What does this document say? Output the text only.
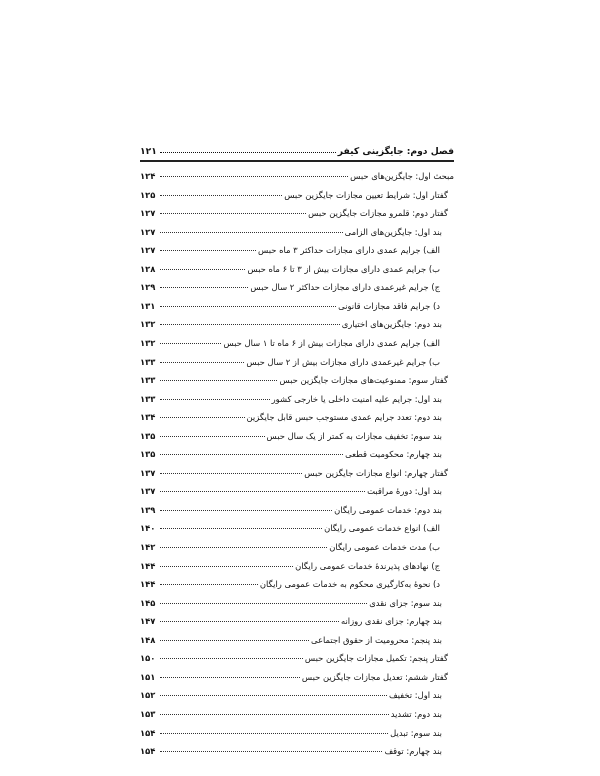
فصل دوم: جایگزینی کیفر
۱۲۱
مبحث اول: جایگزین‌های حبس
۱۲۴
گفتار اول: شرایط تعیین مجازات جایگزین حبس
۱۲۵
گفتار دوم: قلمرو مجازات جایگزین حبس
۱۲۷
بند اول: جایگزین‌های الزامی
۱۲۷
الف) جرایم عمدی دارای مجازات حداکثر ۳ ماه حبس
۱۲۷
ب) جرایم عمدی دارای مجازات بیش از ۳ تا ۶ ماه حبس
۱۲۸
ج) جرایم غیرعمدی دارای مجازات حداکثر ۲ سال حبس
۱۲۹
د) جرایم فاقد مجازات قانونی
۱۳۱
بند دوم: جایگزین‌های اختیاری
۱۳۲
الف) جرایم عمدی دارای مجازات بیش از ۶ ماه تا ۱ سال حبس
۱۳۲
ب) جرایم غیرعمدی دارای مجازات بیش از ۲ سال حبس
۱۳۳
گفتار سوم: ممنوعیت‌های مجازات جایگزین حبس
۱۳۳
بند اول: جرایم علیه امنیت داخلی یا خارجی کشور
۱۳۳
بند دوم: تعدد جرایم عمدی مستوجب حبس قابل جایگزین
۱۳۴
بند سوم: تخفیف مجازات به کمتر از یک سال حبس
۱۳۵
بند چهارم: محکومیت قطعی
۱۳۵
گفتار چهارم: انواع مجازات جایگزین حبس
۱۳۷
بند اول: دورهٔ مراقبت
۱۳۷
بند دوم: خدمات عمومی رایگان
۱۳۹
الف) انواع خدمات عمومی رایگان
۱۴۰
ب) مدت خدمات عمومی رایگان
۱۴۲
ج) نهادهای پذیرندهٔ خدمات عمومی رایگان
۱۴۴
د) نحوهٔ به‌کارگیری محکوم به خدمات عمومی رایگان
۱۴۴
بند سوم: جزای نقدی
۱۴۵
بند چهارم: جزای نقدی روزانه
۱۴۷
بند پنجم: محرومیت از حقوق اجتماعی
۱۴۸
گفتار پنجم: تکمیل مجازات جایگزین حبس
۱۵۰
گفتار ششم: تعدیل مجازات جایگزین حبس
۱۵۱
بند اول: تخفیف
۱۵۲
بند دوم: تشدید
۱۵۳
بند سوم: تبدیل
۱۵۴
بند چهارم: توقف
۱۵۴
